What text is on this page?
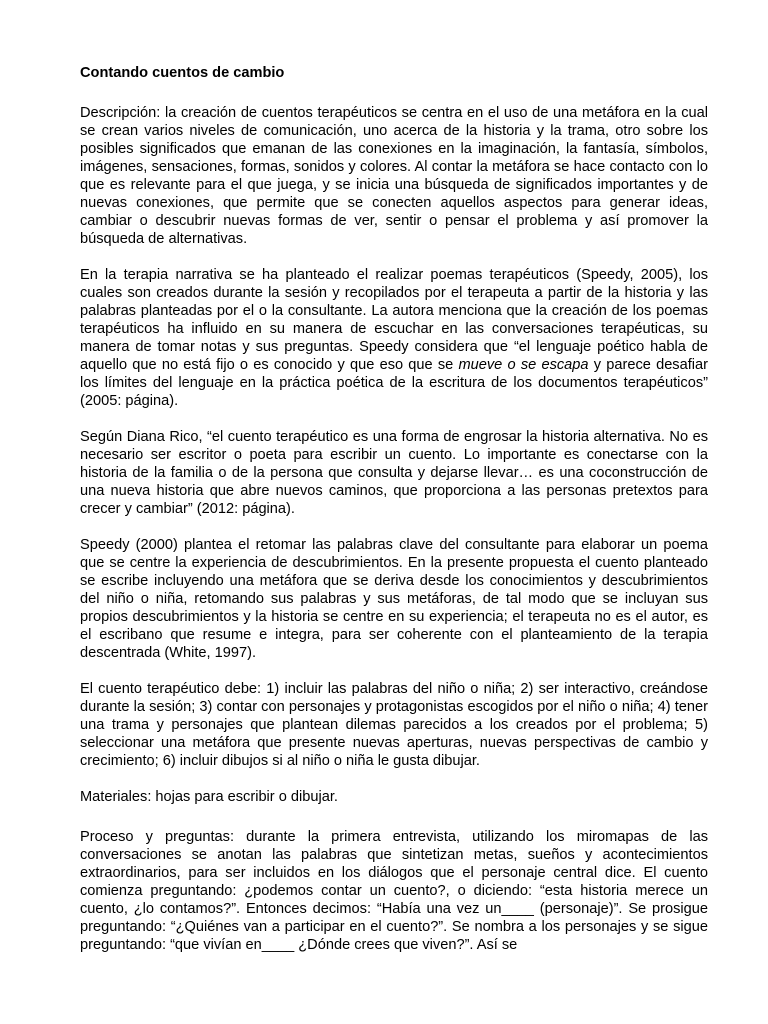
Contando cuentos de cambio

Descripción: la creación de cuentos terapéuticos se centra en el uso de una metáfora en la cual se crean varios niveles de comunicación, uno acerca de la historia y la trama, otro sobre los posibles significados que emanan de las conexiones en la imaginación, la fantasía, símbolos, imágenes, sensaciones, formas, sonidos y colores. Al contar la metáfora se hace contacto con lo que es relevante para el que juega, y se inicia una búsqueda de significados importantes y de nuevas conexiones, que permite que se conecten aquellos aspectos para generar ideas, cambiar o descubrir nuevas formas de ver, sentir o pensar el problema y así promover la búsqueda de alternativas.

En la terapia narrativa se ha planteado el realizar poemas terapéuticos (Speedy, 2005), los cuales son creados durante la sesión y recopilados por el terapeuta a partir de la historia y las palabras planteadas por el o la consultante. La autora menciona que la creación de los poemas terapéuticos ha influido en su manera de escuchar en las conversaciones terapéuticas, su manera de tomar notas y sus preguntas. Speedy considera que “el lenguaje poético habla de aquello que no está fijo o es conocido y que eso que se mueve o se escapa y parece desafiar los límites del lenguaje en la práctica poética de la escritura de los documentos terapéuticos” (2005: página).

Según Diana Rico, “el cuento terapéutico es una forma de engrosar la historia alternativa. No es necesario ser escritor o poeta para escribir un cuento. Lo importante es conectarse con la historia de la familia o de la persona que consulta y dejarse llevar… es una coconstrucción de una nueva historia que abre nuevos caminos, que proporciona a las personas pretextos para crecer y cambiar” (2012: página).

Speedy (2000) plantea el retomar las palabras clave del consultante para elaborar un poema que se centre la experiencia de descubrimientos. En la presente propuesta el cuento planteado se escribe incluyendo una metáfora que se deriva desde los conocimientos y descubrimientos del niño o niña, retomando sus palabras y sus metáforas, de tal modo que se incluyan sus propios descubrimientos y la historia se centre en su experiencia; el terapeuta no es el autor, es el escribano que resume e integra, para ser coherente con el planteamiento de la terapia descentrada (White, 1997).

El cuento terapéutico debe: 1) incluir las palabras del niño o niña; 2) ser interactivo, creándose durante la sesión; 3) contar con personajes y protagonistas escogidos por el niño o niña; 4) tener una trama y personajes que plantean dilemas parecidos a los creados por el problema; 5) seleccionar una metáfora que presente nuevas aperturas, nuevas perspectivas de cambio y crecimiento; 6) incluir dibujos si al niño o niña le gusta dibujar.

Materiales: hojas para escribir o dibujar.

Proceso y preguntas: durante la primera entrevista, utilizando los miromapas de las conversaciones se anotan las palabras que sintetizan metas, sueños y acontecimientos extraordinarios, para ser incluidos en los diálogos que el personaje central dice. El cuento comienza preguntando: ¿podemos contar un cuento?, o diciendo: “esta historia merece un cuento, ¿lo contamos?”. Entonces decimos: “Había una vez un____ (personaje)”. Se prosigue preguntando: “¿Quiénes van a participar en el cuento?”. Se nombra a los personajes y se sigue preguntando: “que vivían en____ ¿Dónde crees que viven?”. Así se
